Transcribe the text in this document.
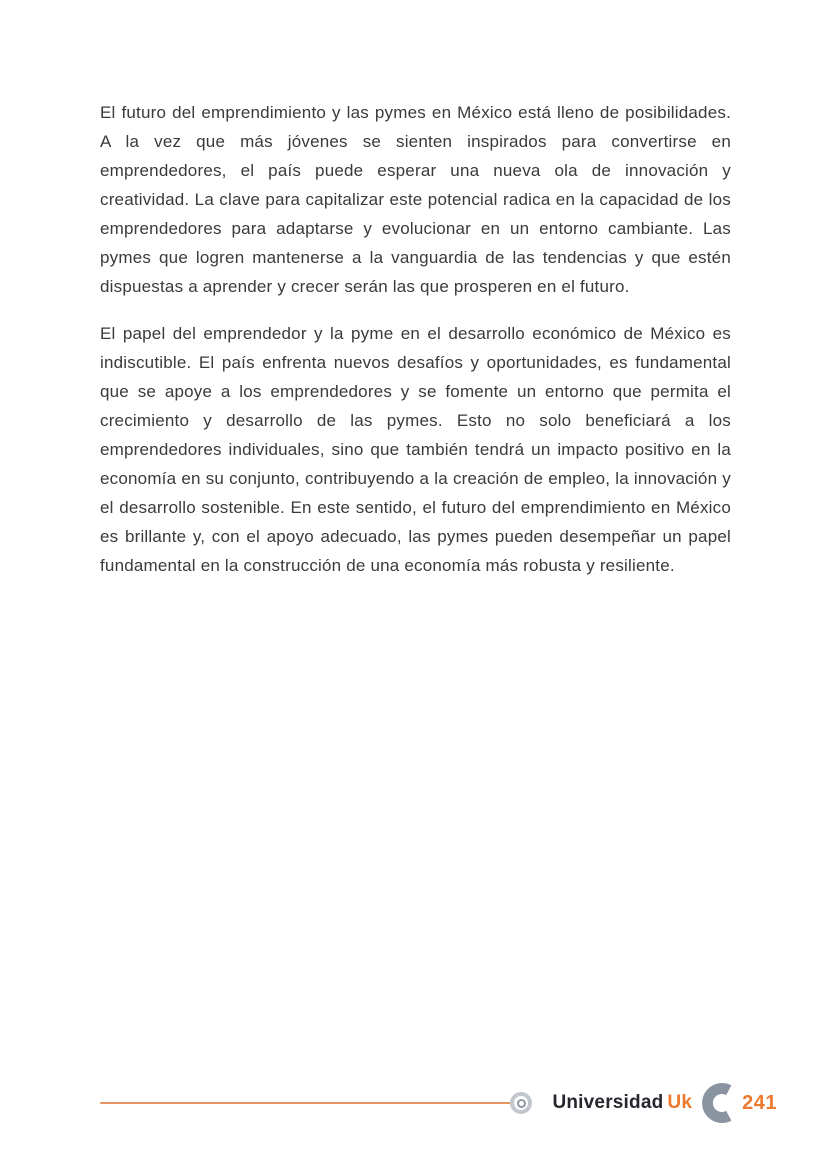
El futuro del emprendimiento y las pymes en México está lleno de posibilidades. A la vez que más jóvenes se sienten inspirados para convertirse en emprendedores, el país puede esperar una nueva ola de innovación y creatividad. La clave para capitalizar este potencial radica en la capacidad de los emprendedores para adaptarse y evolucionar en un entorno cambiante. Las pymes que logren mantenerse a la vanguardia de las tendencias y que estén dispuestas a aprender y crecer serán las que prosperen en el futuro.

El papel del emprendedor y la pyme en el desarrollo económico de México es indiscutible. El país enfrenta nuevos desafíos y oportunidades, es fundamental que se apoye a los emprendedores y se fomente un entorno que permita el crecimiento y desarrollo de las pymes. Esto no solo beneficiará a los emprendedores individuales, sino que también tendrá un impacto positivo en la economía en su conjunto, contribuyendo a la creación de empleo, la innovación y el desarrollo sostenible. En este sentido, el futuro del emprendimiento en México es brillante y, con el apoyo adecuado, las pymes pueden desempeñar un papel fundamental en la construcción de una economía más robusta y resiliente.

Universidad Uk	241
